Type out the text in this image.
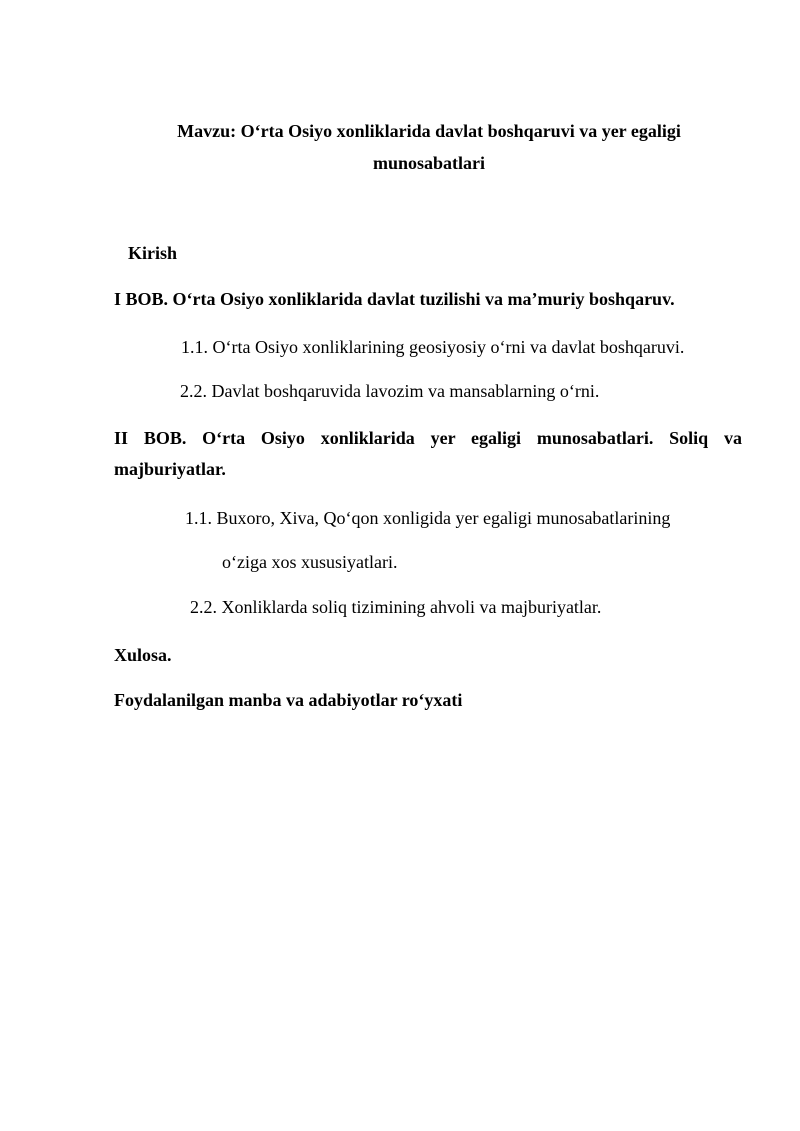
Mavzu: O‘rta Osiyo xonliklarida davlat boshqaruvi va yer egaligi
munosabatlari
Kirish
I BOB. O‘rta Osiyo xonliklarida davlat tuzilishi va ma’muriy boshqaruv.
1.1. O‘rta Osiyo xonliklarining geosiyosiy o‘rni va davlat boshqaruvi.
2.2. Davlat boshqaruvida lavozim va mansablarning o‘rni.
II BOB. O‘rta Osiyo xonliklarida yer egaligi munosabatlari. Soliq va
majburiyatlar.
1.1. Buxoro, Xiva, Qo‘qon xonligida yer egaligi munosabatlarining
o‘ziga xos xususiyatlari.
2.2. Xonliklarda soliq tizimining ahvoli va majburiyatlar.
Xulosa.
Foydalanilgan manba va adabiyotlar ro‘yxati
